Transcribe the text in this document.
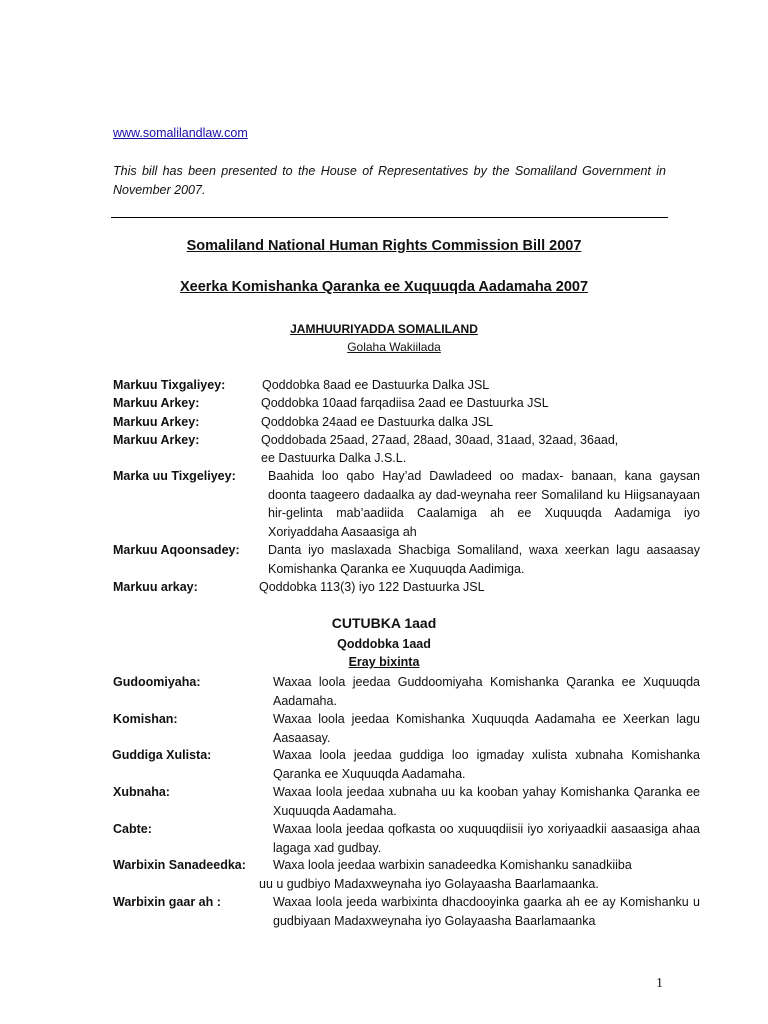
www.somalilandlaw.com
This bill has been presented to the House of Representatives by the Somaliland Government in November 2007.
Somaliland National Human Rights Commission Bill 2007
Xeerka Komishanka Qaranka ee Xuquuqda Aadamaha 2007
JAMHUURIYADDA SOMALILAND
Golaha Wakiilada
Markuu Tixgaliyey:	Qoddobka 8aad ee Dastuurka Dalka JSL
Markuu Arkey:	Qoddobka 10aad farqadiisa 2aad ee Dastuurka JSL
Markuu Arkey:	Qoddobka 24aad ee Dastuurka dalka JSL
Markuu Arkey:	Qoddobada 25aad, 27aad, 28aad, 30aad, 31aad, 32aad, 36aad,
ee Dastuurka Dalka J.S.L.
Marka uu Tixgeliyey:	Baahida loo qabo Hay’ad Dawladeed oo madax- banaan, kana gaysan doonta taageero dadaalka ay dad-weynaha reer Somaliland ku Hiigsanayaan hir-gelinta mab’aadiida Caalamiga ah ee Xuquuqda Aadamiga iyo Xoriyaddaha Aasaasiga ah
Markuu Aqoonsadey: Danta iyo maslaxada Shacbiga Somaliland, waxa xeerkan lagu aasaasay Komishanka Qaranka ee Xuquuqda Aadimiga.
Markuu arkay:	Qoddobka 113(3) iyo 122 Dastuurka JSL
CUTUBKA 1aad
Qoddobka 1aad
Eray bixinta
Gudoomiyaha:	Waxaa loola jeedaa Guddoomiyaha Komishanka Qaranka ee Xuquuqda Aadamaha.
Komishan:	Waxaa loola jeedaa Komishanka Xuquuqda Aadamaha ee Xeerkan lagu Aasaasay.
Guddiga Xulista:	Waxaa loola jeedaa guddiga loo igmaday xulista xubnaha Komishanka Qaranka ee Xuquuqda Aadamaha.
Xubnaha:	Waxaa loola jeedaa xubnaha uu ka kooban yahay Komishanka Qaranka ee Xuquuqda Aadamaha.
Cabte:	Waxaa loola jeedaa qofkasta oo xuquuqdiisii iyo xoriyaadkii aasaasiga ahaa lagaga xad gudbay.
Warbixin Sanadeedka: Waxa loola jeedaa warbixin sanadeedka Komishanku sanadkiiba
uu u gudbiyo Madaxweynaha iyo Golayaasha Baarlamaanka.
Warbixin gaar ah :	Waxaa loola jeeda warbixinta dhacdooyinka gaarka ah ee ay Komishanku u gudbiyaan Madaxweynaha iyo Golayaasha Baarlamaanka
1
